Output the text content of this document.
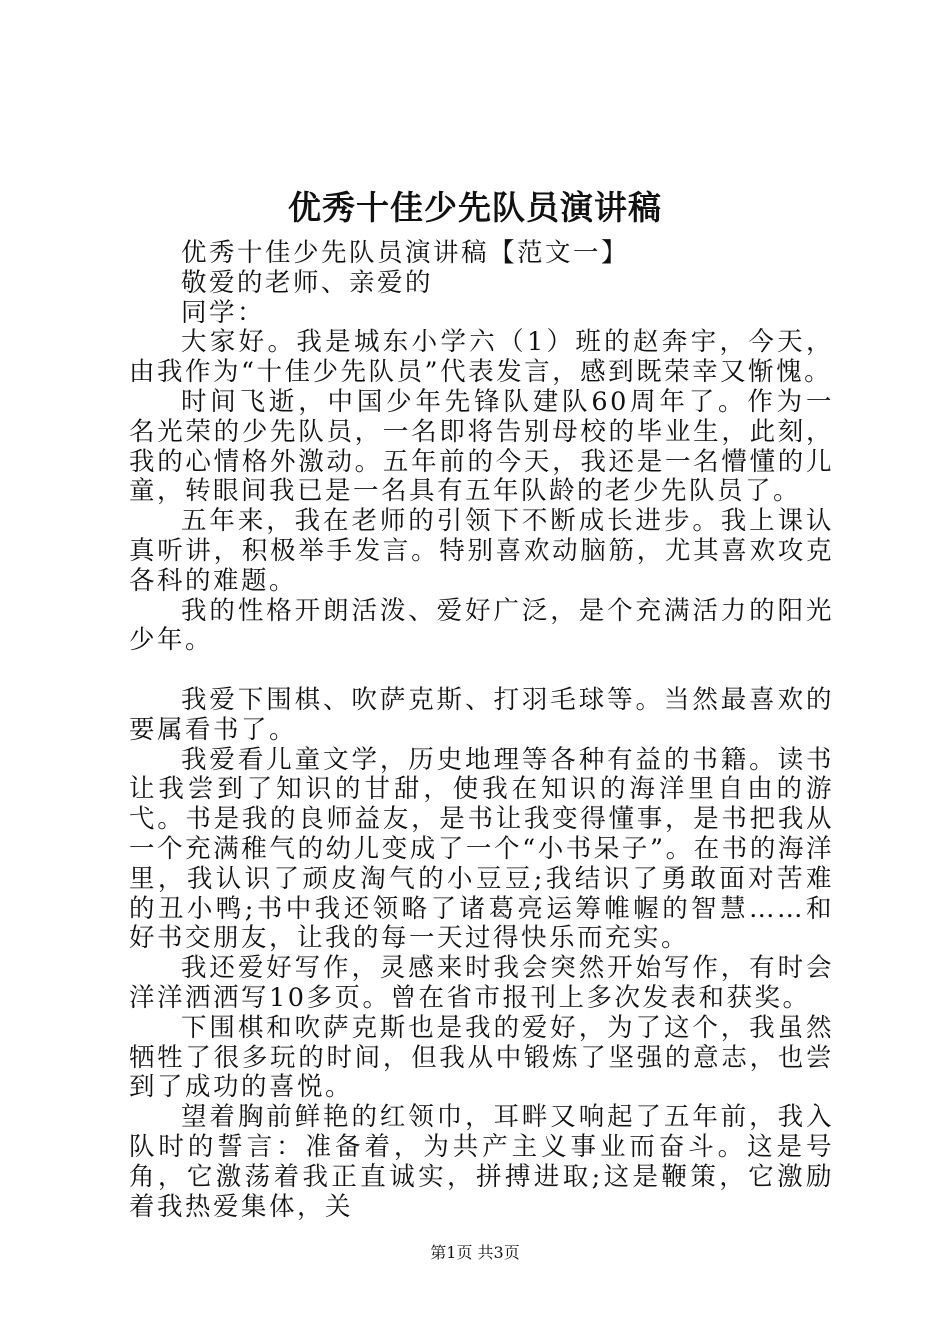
优秀十佳少先队员演讲稿

优秀十佳少先队员演讲稿【范文一】

敬爱的老师、亲爱的

同学：

大家好。我是城东小学六（1）班的赵奔宇，今天，由我作为“十佳少先队员”代表发言，感到既荣幸又惭愧。

时间飞逝，中国少年先锋队建队60周年了。作为一名光荣的少先队员，一名即将告别母校的毕业生，此刻，我的心情格外激动。五年前的今天，我还是一名懵懂的儿童，转眼间我已是一名具有五年队龄的老少先队员了。

五年来，我在老师的引领下不断成长进步。我上课认真听讲，积极举手发言。特别喜欢动脑筋，尤其喜欢攻克各科的难题。

我的性格开朗活泼、爱好广泛，是个充满活力的阳光少年。

我爱下围棋、吹萨克斯、打羽毛球等。当然最喜欢的要属看书了。

我爱看儿童文学，历史地理等各种有益的书籍。读书让我尝到了知识的甘甜，使我在知识的海洋里自由的游弋。书是我的良师益友，是书让我变得懂事，是书把我从一个充满稚气的幼儿变成了一个“小书呆子”。在书的海洋里，我认识了顽皮淘气的小豆豆;我结识了勇敢面对苦难的丑小鸭;书中我还领略了诸葛亮运筹帷幄的智慧……和好书交朋友，让我的每一天过得快乐而充实。

我还爱好写作，灵感来时我会突然开始写作，有时会洋洋洒洒写10多页。曾在省市报刊上多次发表和获奖。

下围棋和吹萨克斯也是我的爱好，为了这个，我虽然牺牲了很多玩的时间，但我从中锻炼了坚强的意志，也尝到了成功的喜悦。

望着胸前鲜艳的红领巾，耳畔又响起了五年前，我入队时的誓言：准备着，为共产主义事业而奋斗。这是号角，它激荡着我正直诚实，拼搏进取;这是鞭策，它激励着我热爱集体，关

第1页 共3页
